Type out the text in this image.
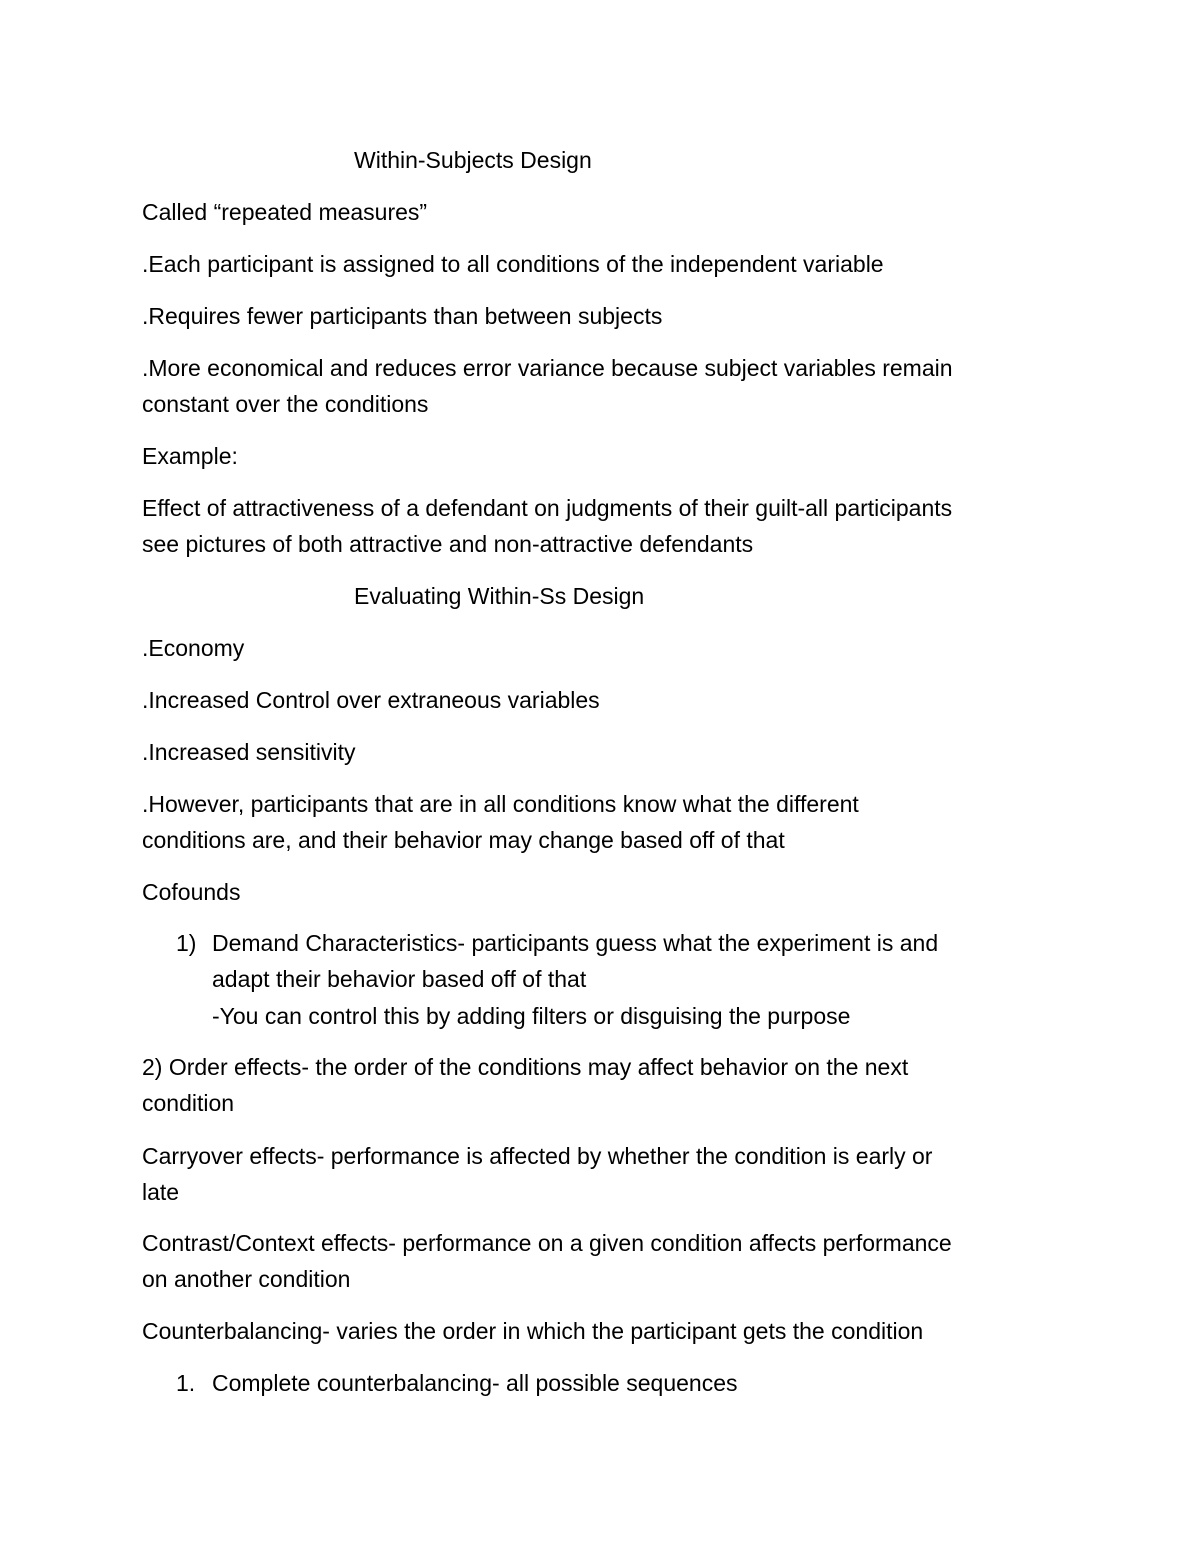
Within-Subjects Design

Called “repeated measures”

.Each participant is assigned to all conditions of the independent variable

.Requires fewer participants than between subjects

.More economical and reduces error variance because subject variables remain

constant over the conditions

Example:

Effect of attractiveness of a defendant on judgments of their guilt-all participants

see pictures of both attractive and non-attractive defendants

Evaluating Within-Ss Design

.Economy

.Increased Control over extraneous variables

.Increased sensitivity

.However, participants that are in all conditions know what the different

conditions are, and their behavior may change based off of that

Cofounds

1) Demand Characteristics- participants guess what the experiment is and

adapt their behavior based off of that

-You can control this by adding filters or disguising the purpose

2) Order effects- the order of the conditions may affect behavior on the next

condition

Carryover effects- performance is affected by whether the condition is early or

late

Contrast/Context effects- performance on a given condition affects performance

on another condition

Counterbalancing- varies the order in which the participant gets the condition

1. Complete counterbalancing- all possible sequences
